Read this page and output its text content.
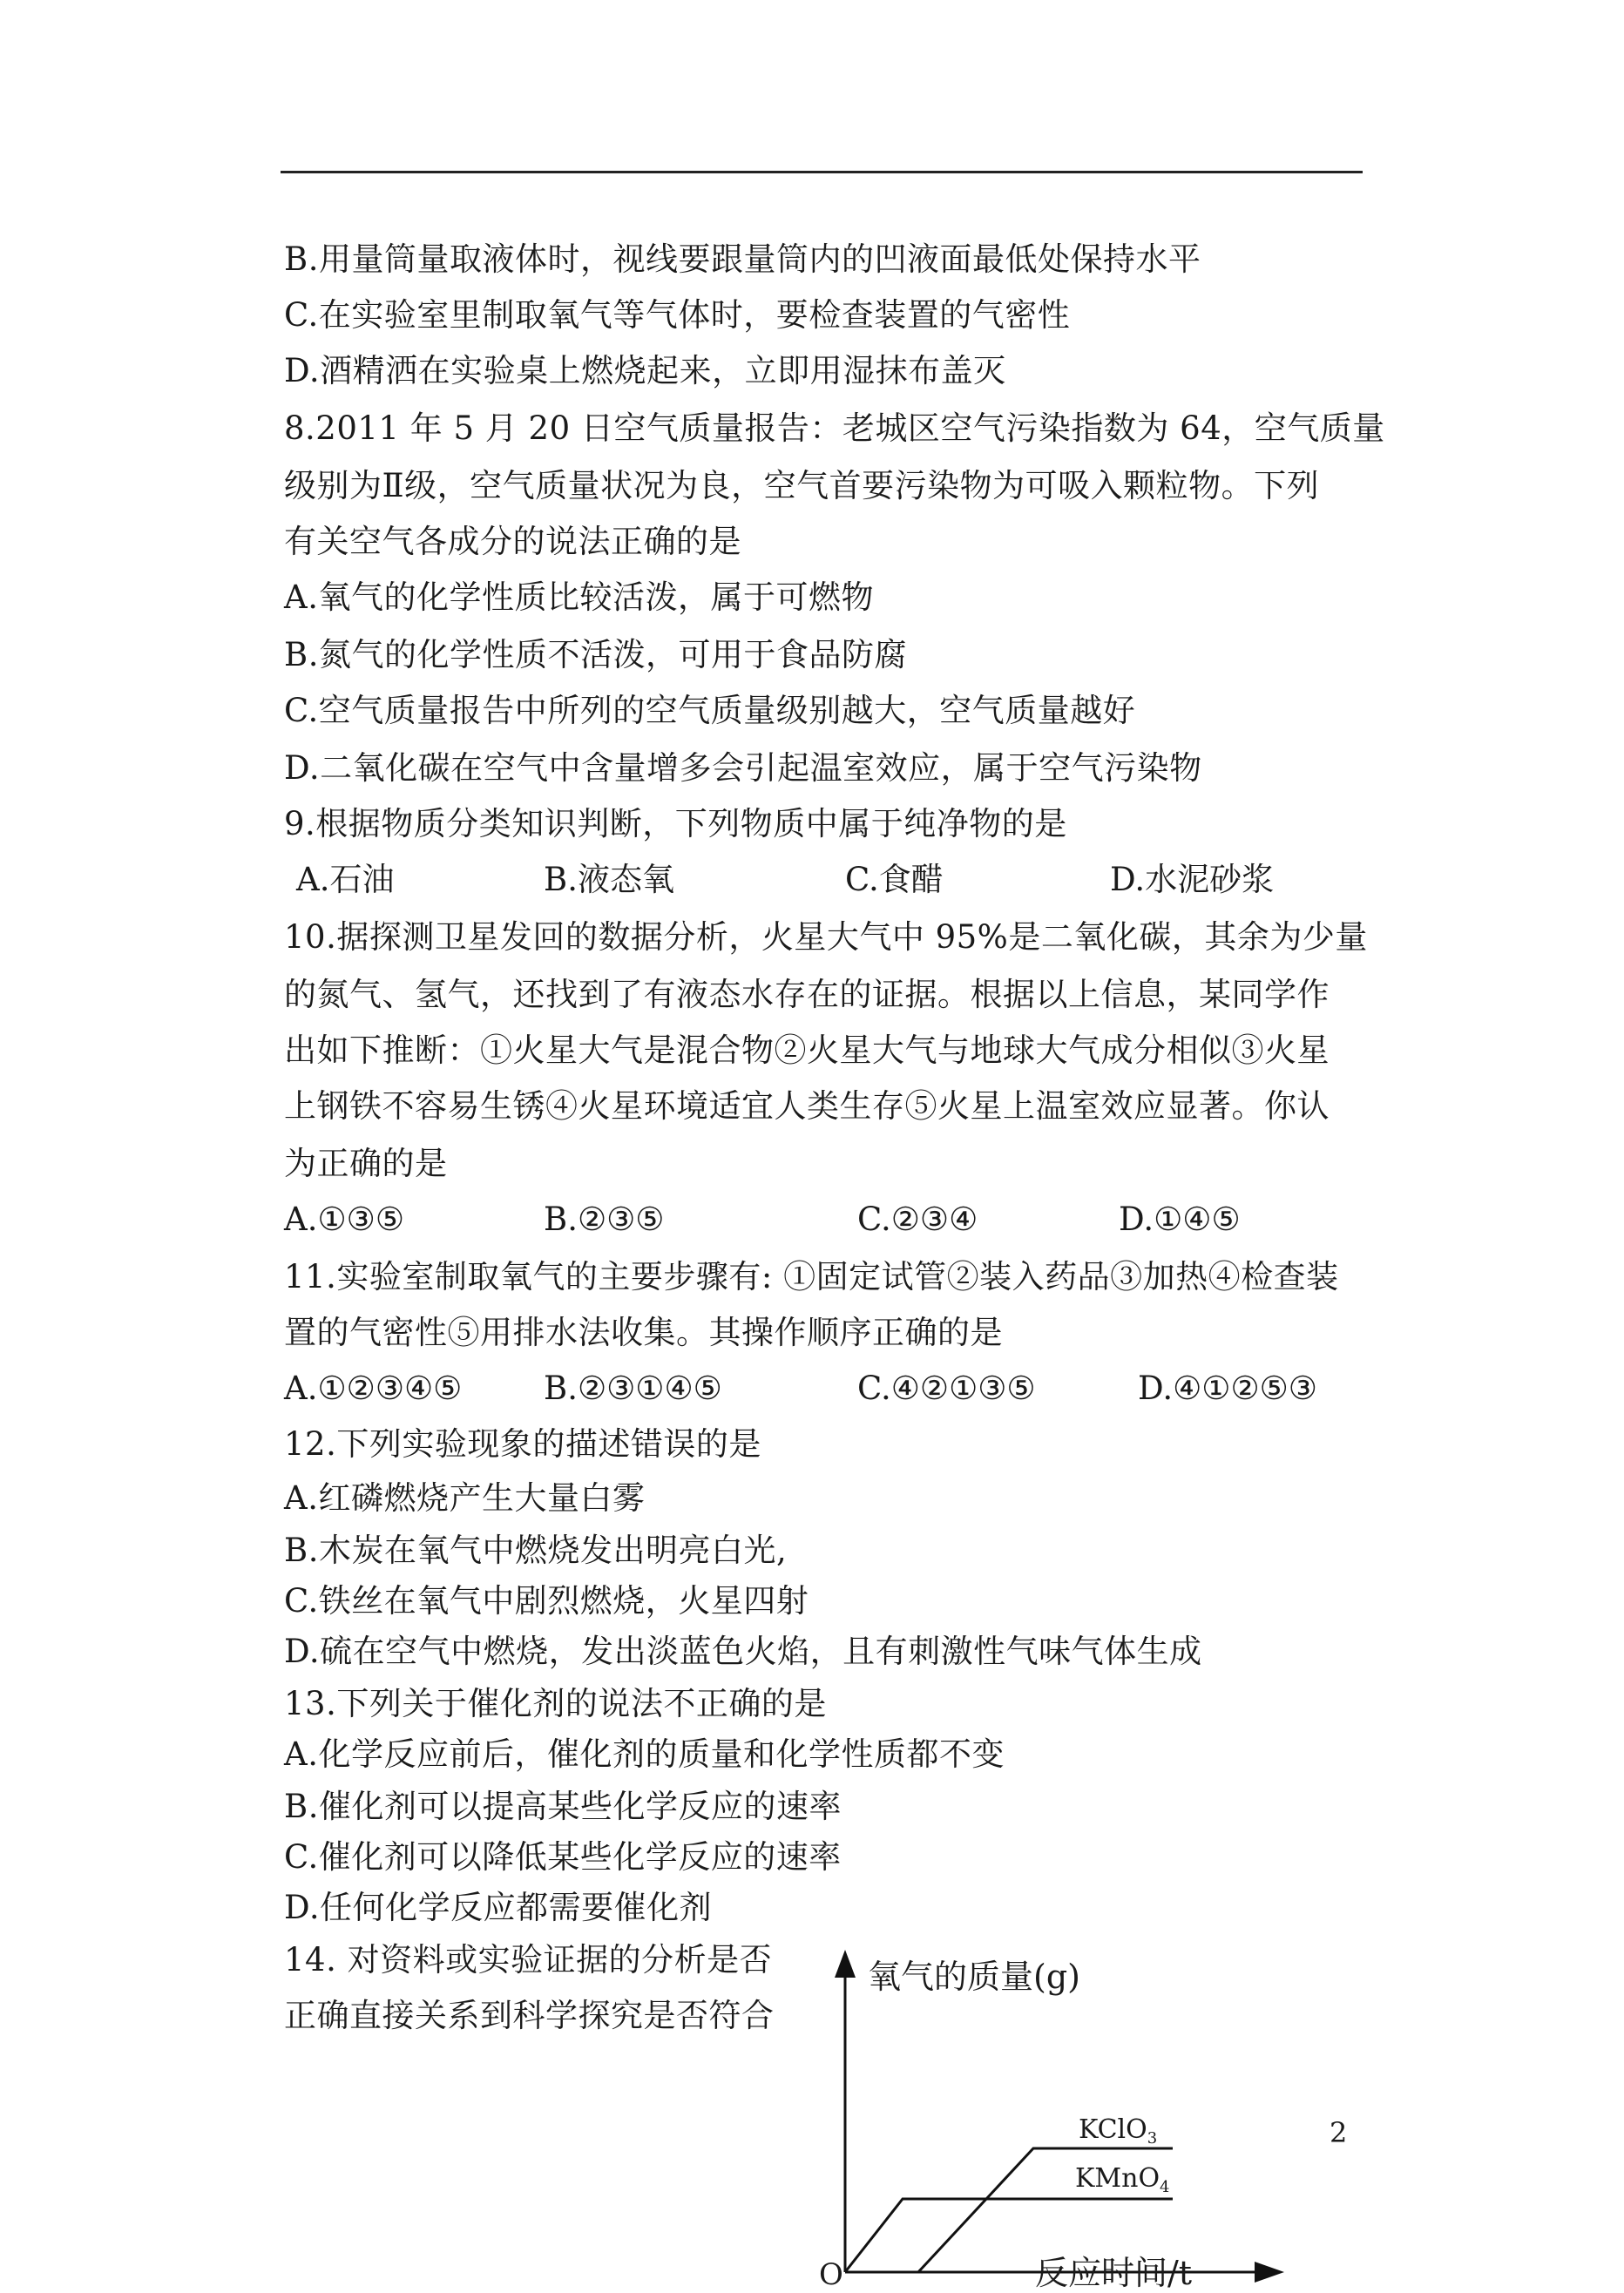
B.用量筒量取液体时，视线要跟量筒内的凹液面最低处保持水平
C.在实验室里制取氧气等气体时，要检查装置的气密性
D.酒精洒在实验桌上燃烧起来，立即用湿抹布盖灭
8.2011 年 5 月 20 日空气质量报告：老城区空气污染指数为 64，空气质量
级别为Ⅱ级，空气质量状况为良，空气首要污染物为可吸入颗粒物。下列
有关空气各成分的说法正确的是
A.氧气的化学性质比较活泼，属于可燃物
B.氮气的化学性质不活泼，可用于食品防腐
C.空气质量报告中所列的空气质量级别越大，空气质量越好
D.二氧化碳在空气中含量增多会引起温室效应，属于空气污染物
9.根据物质分类知识判断，下列物质中属于纯净物的是
A.石油	B.液态氧	C.食醋	D.水泥砂浆
10.据探测卫星发回的数据分析，火星大气中 95%是二氧化碳，其余为少量
的氮气、氢气，还找到了有液态水存在的证据。根据以上信息，某同学作
出如下推断：①火星大气是混合物②火星大气与地球大气成分相似③火星
上钢铁不容易生锈④火星环境适宜人类生存⑤火星上温室效应显著。你认
为正确的是
A.①③⑤	B.②③⑤	C.②③④	D.①④⑤
11.实验室制取氧气的主要步骤有: ①固定试管②装入药品③加热④检查装
置的气密性⑤用排水法收集。其操作顺序正确的是
A.①②③④⑤	B.②③①④⑤	C.④②①③⑤	D.④①②⑤③
12.下列实验现象的描述错误的是
A.红磷燃烧产生大量白雾
B.木炭在氧气中燃烧发出明亮白光,
C.铁丝在氧气中剧烈燃烧，火星四射
D.硫在空气中燃烧，发出淡蓝色火焰，且有刺激性气味气体生成
13.下列关于催化剂的说法不正确的是
A.化学反应前后，催化剂的质量和化学性质都不变
B.催化剂可以提高某些化学反应的速率
C.催化剂可以降低某些化学反应的速率
D.任何化学反应都需要催化剂
14. 对资料或实验证据的分析是否
正确直接关系到科学探究是否符合
2
氧气的质量(g)
反应时间/t
O
KClO$_3$
KMnO$_4$
